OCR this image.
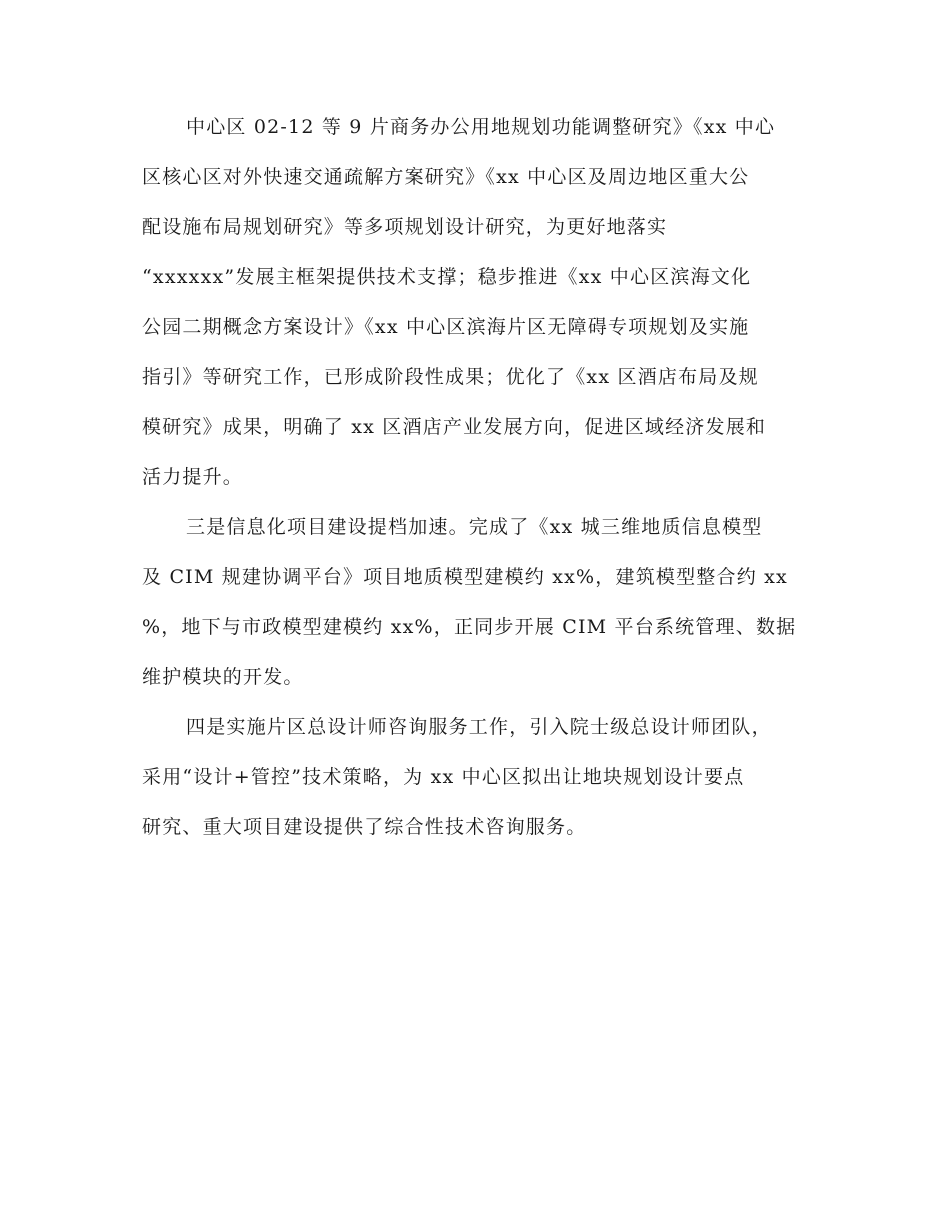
中心区 02-12 等 9 片商务办公用地规划功能调整研究》《xx 中心
区核心区对外快速交通疏解方案研究》《xx 中心区及周边地区重大公
配设施布局规划研究》等多项规划设计研究，为更好地落实
“xxxxxx”发展主框架提供技术支撑；稳步推进《xx 中心区滨海文化
公园二期概念方案设计》《xx 中心区滨海片区无障碍专项规划及实施
指引》等研究工作，已形成阶段性成果；优化了《xx 区酒店布局及规
模研究》成果，明确了 xx 区酒店产业发展方向，促进区域经济发展和
活力提升。
三是信息化项目建设提档加速。完成了《xx 城三维地质信息模型
及 CIM 规建协调平台》项目地质模型建模约 xx%，建筑模型整合约 xx
%，地下与市政模型建模约 xx%，正同步开展 CIM 平台系统管理、数据
维护模块的开发。
四是实施片区总设计师咨询服务工作，引入院士级总设计师团队，
采用“设计+管控”技术策略，为 xx 中心区拟出让地块规划设计要点
研究、重大项目建设提供了综合性技术咨询服务。
